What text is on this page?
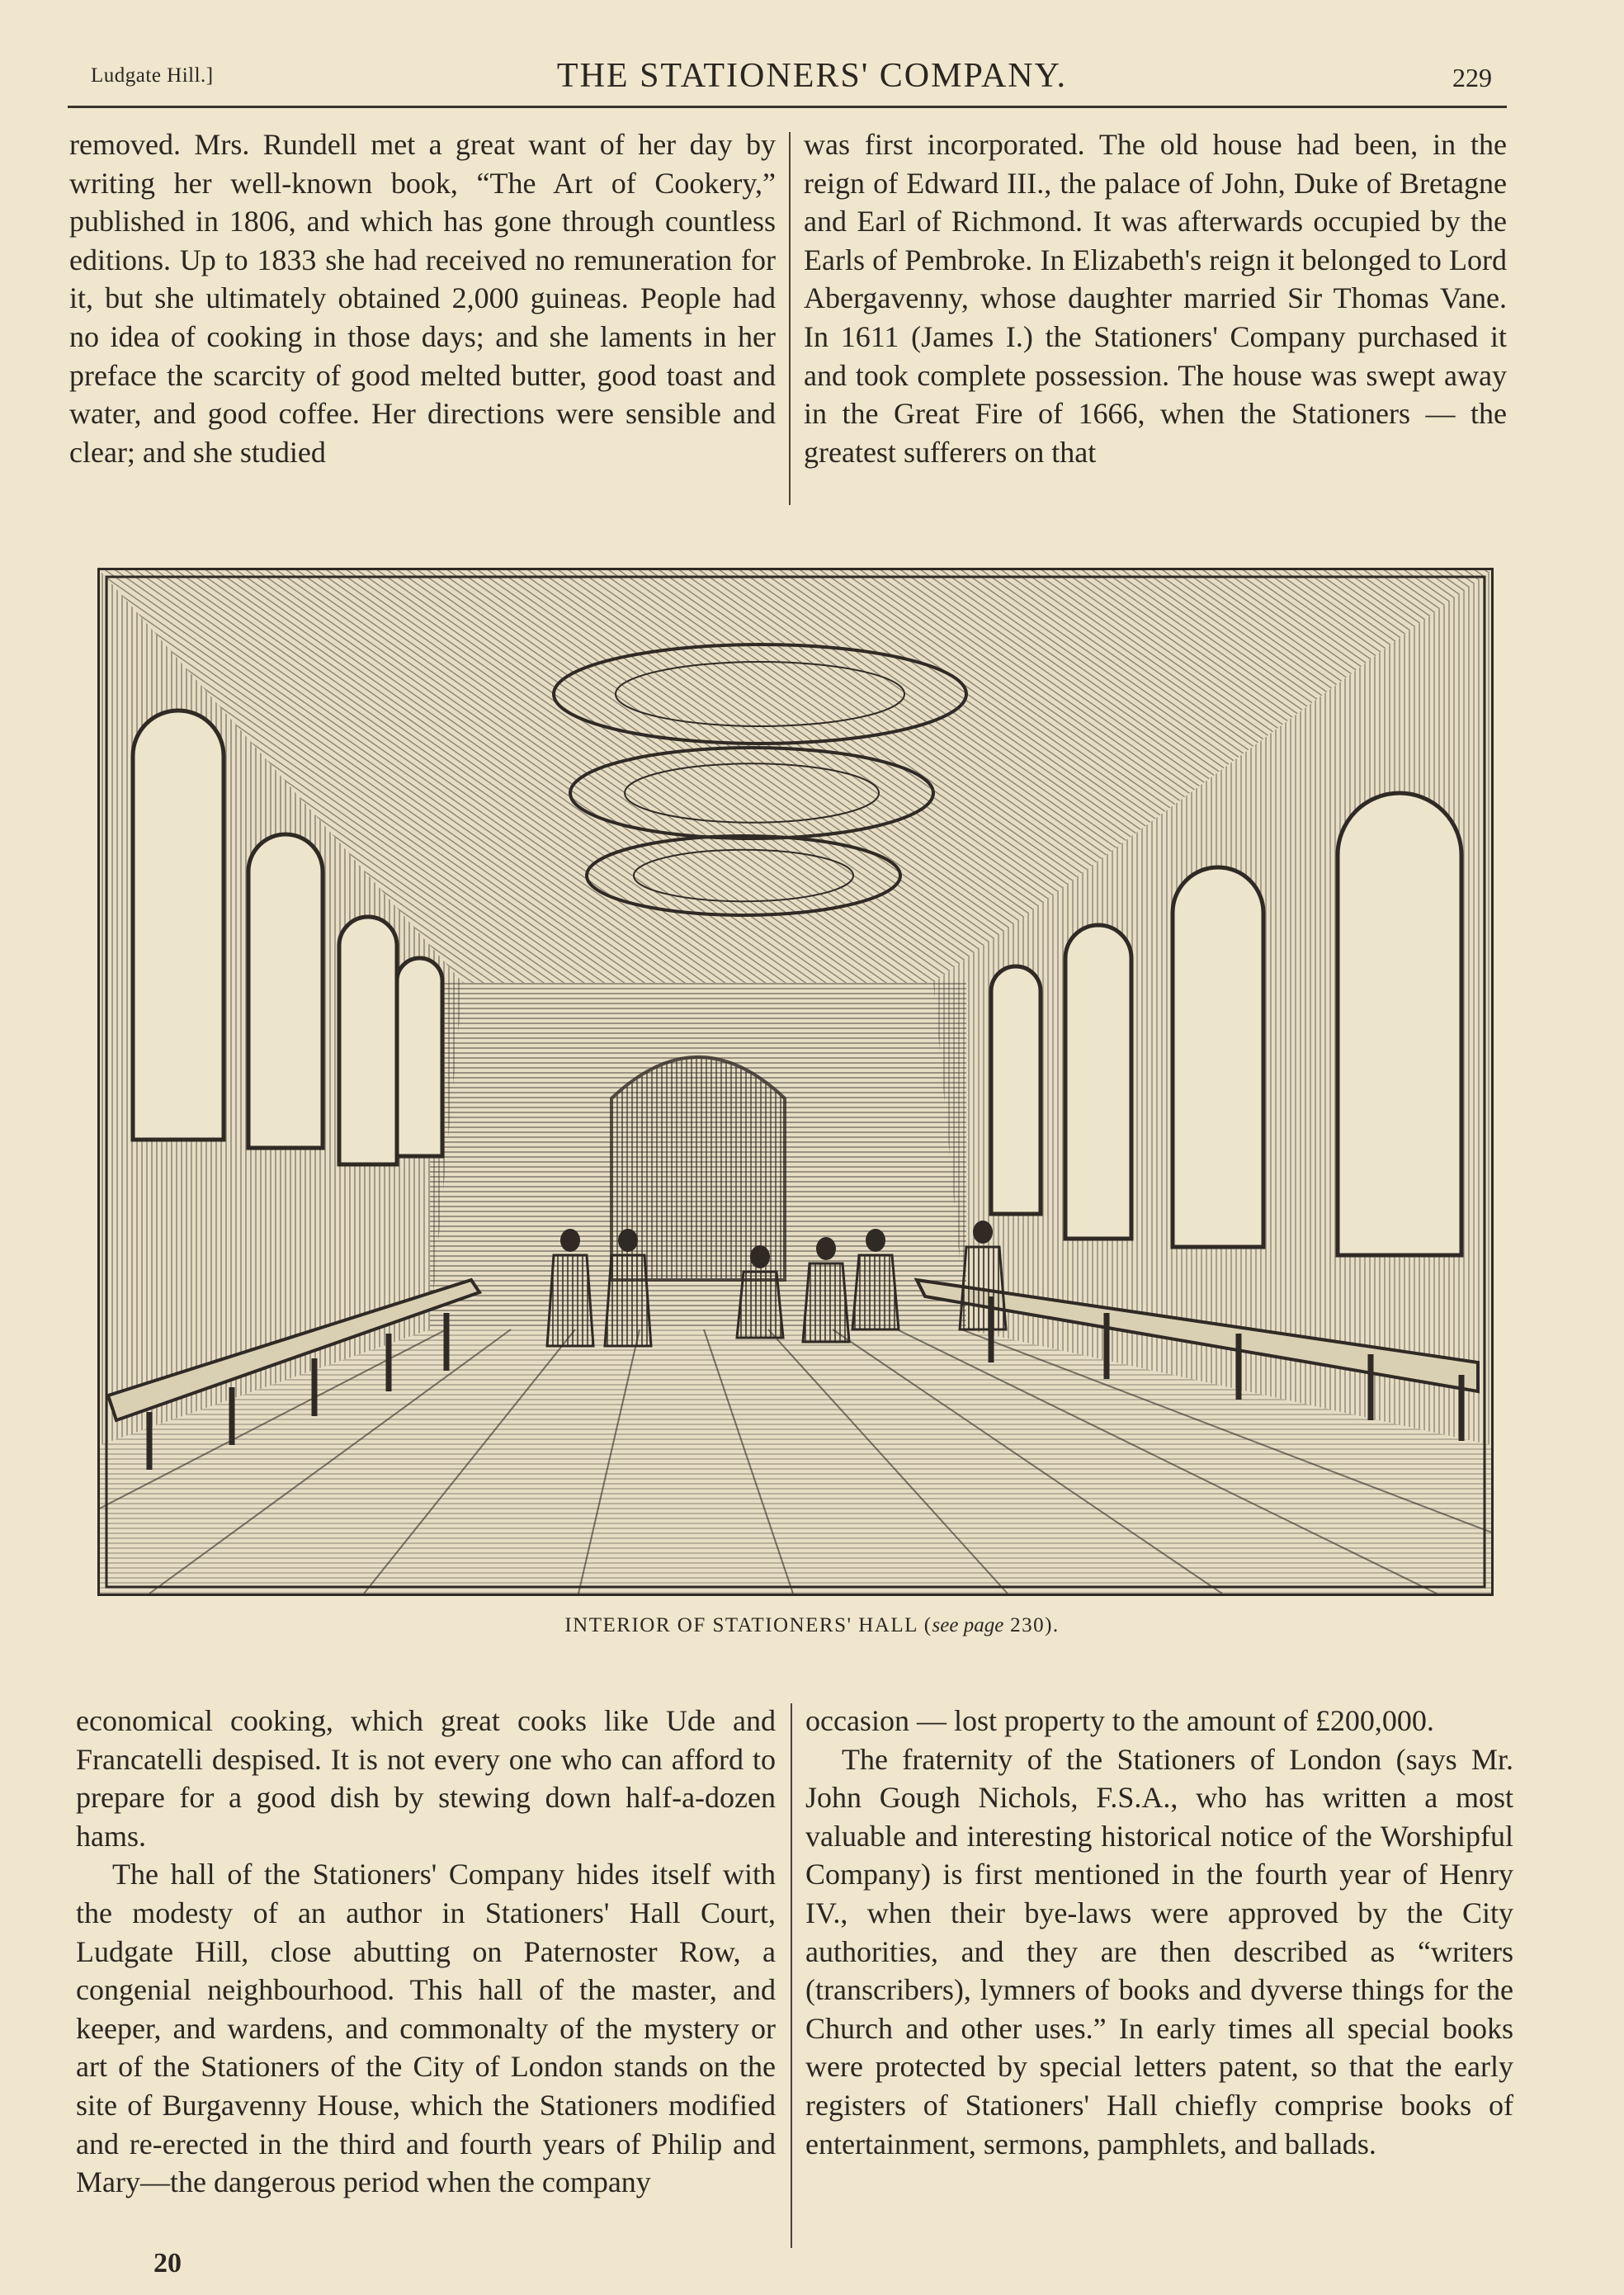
Ludgate Hill.]	THE STATIONERS' COMPANY.	229

removed. Mrs. Rundell met a great want of her day by writing her well-known book, “The Art of Cookery,” published in 1806, and which has gone through countless editions. Up to 1833 she had received no remuneration for it, but she ultimately obtained 2,000 guineas. People had no idea of cooking in those days; and she laments in her preface the scarcity of good melted butter, good toast and water, and good coffee. Her directions were sensible and clear; and she studied

was first incorporated. The old house had been, in the reign of Edward III., the palace of John, Duke of Bretagne and Earl of Richmond. It was afterwards occupied by the Earls of Pembroke. In Elizabeth's reign it belonged to Lord Abergavenny, whose daughter married Sir Thomas Vane. In 1611 (James I.) the Stationers' Company purchased it and took complete possession. The house was swept away in the Great Fire of 1666, when the Stationers — the greatest sufferers on that

INTERIOR OF STATIONERS' HALL (see page 230).

economical cooking, which great cooks like Ude and Francatelli despised. It is not every one who can afford to prepare for a good dish by stewing down half-a-dozen hams.

The hall of the Stationers' Company hides itself with the modesty of an author in Stationers' Hall Court, Ludgate Hill, close abutting on Paternoster Row, a congenial neighbourhood. This hall of the master, and keeper, and wardens, and commonalty of the mystery or art of the Stationers of the City of London stands on the site of Burgavenny House, which the Stationers modified and re-erected in the third and fourth years of Philip and Mary—the dangerous period when the company

occasion — lost property to the amount of £200,000.

The fraternity of the Stationers of London (says Mr. John Gough Nichols, F.S.A., who has written a most valuable and interesting historical notice of the Worshipful Company) is first mentioned in the fourth year of Henry IV., when their bye-laws were approved by the City authorities, and they are then described as “writers (transcribers), lymners of books and dyverse things for the Church and other uses.” In early times all special books were protected by special letters patent, so that the early registers of Stationers' Hall chiefly comprise books of entertainment, sermons, pamphlets, and ballads.

20
